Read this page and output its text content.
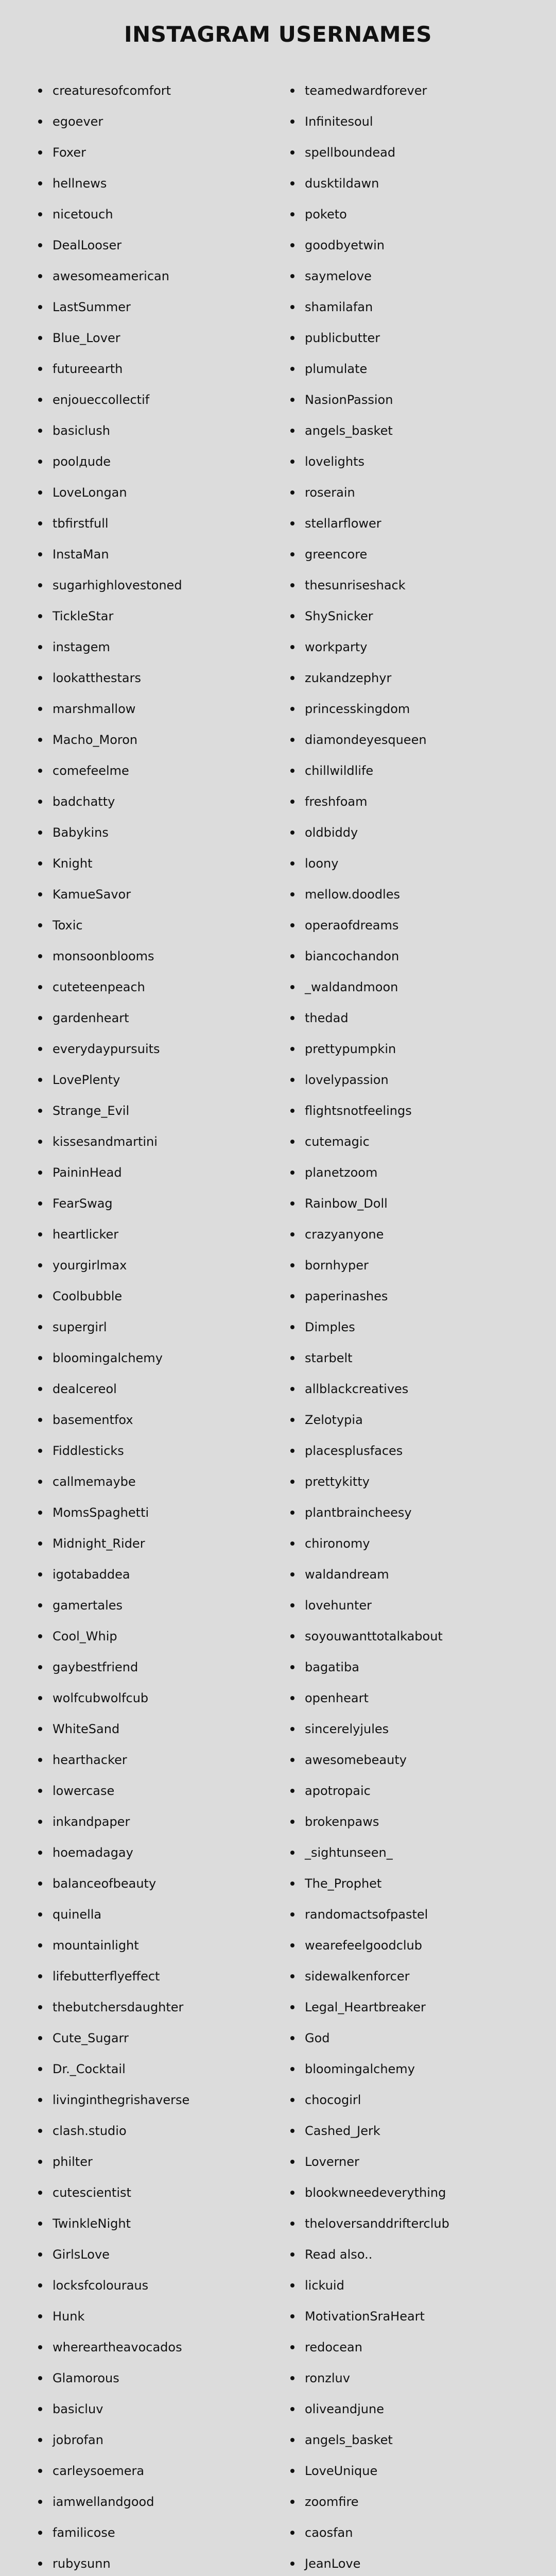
INSTAGRAM USERNAMES
creaturesofcomfort
egoever
Foxer
hellnews
nicetouch
DealLooser
awesomeamerican
LastSummer
Blue_Lover
futureearth
enjoueccollectif
basiclush
poolдude
LoveLongan
tbfirstfull
InstaMan
sugarhighlovestoned
TickleStar
instagem
lookatthestars
marshmallow
Macho_Moron
comefeelme
badchatty
Babykins
Knight
KamueSavor
Toxic
monsoonblooms
cuteteenpeach
gardenheart
everydaypursuits
LovePlenty
Strange_Evil
kissesandmartini
PaininHead
FearSwag
heartlicker
yourgirlmax
Coolbubble
supergirl
bloomingalchemy
dealcereol
basementfox
Fiddlesticks
callmemaybe
MomsSpaghetti
Midnight_Rider
igotabaddea
gamertales
Cool_Whip
gaybestfriend
wolfcubwolfcub
WhiteSand
hearthacker
lowercase
inkandpaper
hoemadagay
balanceofbeauty
quinella
mountainlight
lifebutterflyeffect
thebutchersdaughter
Cute_Sugarr
Dr._Cocktail
livinginthegrishaverse
clash.studio
philter
cutescientist
TwinkleNight
GirlsLove
locksfcolouraus
Hunk
whereartheavocados
Glamorous
basicluv
jobrofan
carleysoemera
iamwellandgood
familicose
rubysunn
teamedwardforever
Infinitesoul
spellboundead
dusktildawn
poketo
goodbyetwin
saymelove
shamilafan
publicbutter
plumulate
NasionPassion
angels_basket
lovelights
roserain
stellarflower
greencore
thesunriseshack
ShySnicker
workparty
zukandzephyr
princesskingdom
diamondeyesqueen
chillwildlife
freshfoam
oldbiddy
loony
mellow.doodles
operaofdreams
biancochandon
_waldandmoon
thedad
prettypumpkin
lovelypassion
flightsnotfeelings
cutemagic
planetzoom
Rainbow_Doll
crazyanyone
bornhyper
paperinashes
Dimples
starbelt
allblackcreatives
Zelotypia
placesplusfaces
prettykitty
plantbraincheesy
chironomy
waldandream
lovehunter
soyouwanttotalkabout
bagatiba
openheart
sincerelyjules
awesomebeauty
apotropaic
brokenpaws
_sightunseen_
The_Prophet
randomactsofpastel
wearefeelgoodclub
sidewalkenforcer
Legal_Heartbreaker
God
bloomingalchemy
chocogirl
Cashed_Jerk
Loverner
blookwneedeverything
theloversanddrifterclub
Read also..
lickuid
MotivationSraHeart
redocean
ronzluv
oliveandjune
angels_basket
LoveUnique
zoomfire
caosfan
JeanLove
